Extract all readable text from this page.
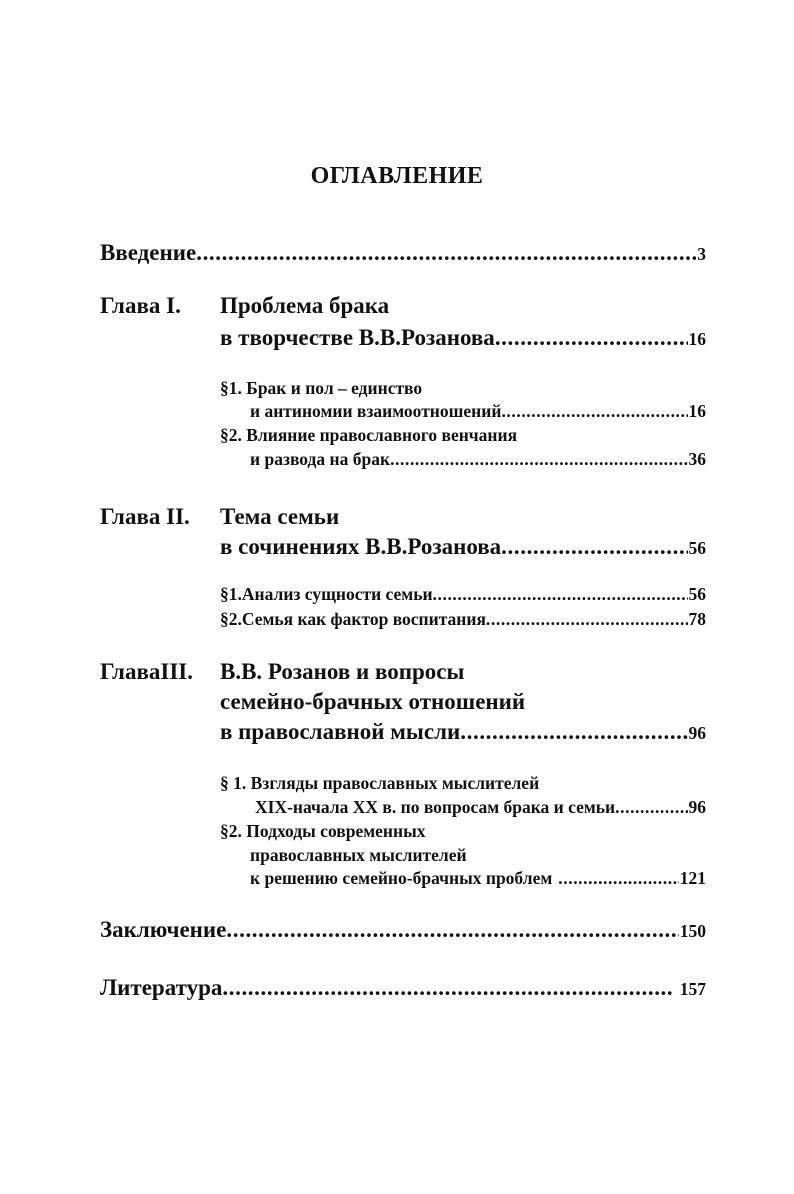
ОГЛАВЛЕНИЕ
Введение .....	3
Глава I. Проблема брака
в творчестве В.В.Розанова .....	16
§1. Брак и пол – единство
и антиномии взаимоотношений .....	16
§2. Влияние православного венчания
и развода на брак .....	36
Глава II. Тема семьи
в сочинениях В.В.Розанова .....	56
§1.Анализ сущности семьи .....	56
§2.Семья как фактор воспитания .....	78
ГлаваIII. В.В. Розанов и вопросы
семейно-брачных отношений
в православной мысли .....	96
§ 1. Взгляды православных мыслителей
XIX-начала XX в. по вопросам брака и семьи .....	96
§2. Подходы современных
православных мыслителей
к решению семейно-брачных проблем .....	121
Заключение .....	150
Литература .....	157
